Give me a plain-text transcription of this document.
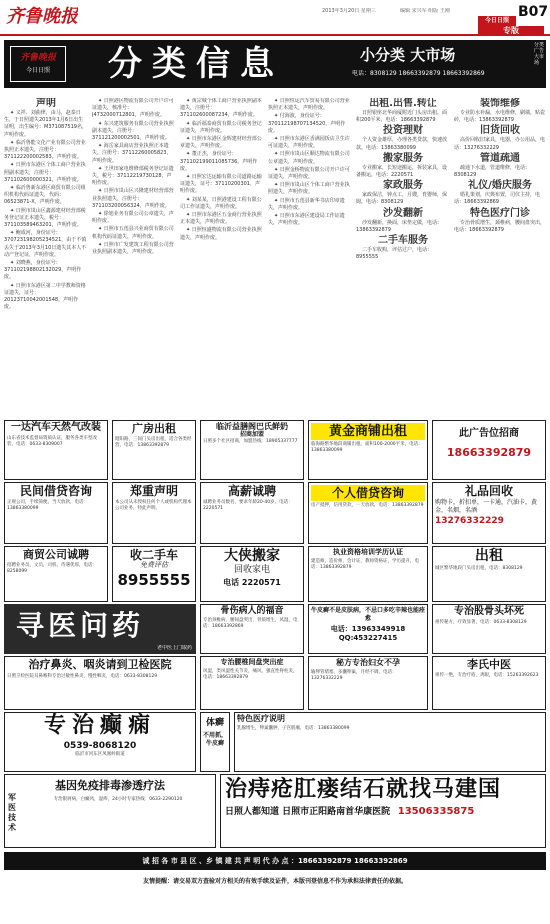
齐鲁晚报	2013年3月20日 星期三	编辑 宋兴军 组版 王刚
今日日照
B07
专版
齐鲁晚报
今日日照	分类信息	小分类 大市场
电话：8308129 18663392879 18663392869
分类广告 大市场
声明

✦ 义祥、刘曲律，由马，赵泰日生，于日照遗失2013年1月6日出生证明，出生编号：M371087519名，声明作废。

✦ 临沂鲁能文化产业有限公司营业执照正本遗失，注册号：371122200002583，声明作废。

✦ 日照市东港区个体工商户营业执照副本遗失，注册号：371102600000321，声明作废。

✦ 临沂鲁新东港区商贸有限公司组织机构代码证遗失，代码：06523871-X，声明作废。

✦ 日照市岚山区鑫源建材经营部税务登记证正本遗失，税号：371103589463201，声明作废。

✦ 鲍成河，身份证号：370723198205234521，由于不慎丢失于2013年3月10日遗失其本人不动产登记证，声明作废。

✦ 刘晓燕，身份证号：371102198802132029，声明作废。

✦ 日照市东港区第二中学教师资格证遗失，证号：20123710042001548，声明作废。

✦ 日照港区物流有限公司开户许可证遗失，核准号：J4732000712801，声明作废。

✦ 东兴建筑服务有限公司营业执照副本遗失，注册号：371121200002501，声明作废。

✦ 海岳家具商店营业执照正本遗失，注册号：37112260005823，声明作废。

✦ 王世田家电维修部税务登记证遗失，税号：37112219730128，声明作废。

✦ 日照市岚山区兴隆建材经营部营业执照遗失，注册号：371103200056324，声明作废。

✦ 徐旭业务有限公司公章遗失，声明作废。

✦ 日照市五莲县兴业商贸有限公司机构代码证遗失，声明作废。

✦ 日照市广发建筑工程有限公司营业执照副本遗失，声明作废。

✦ 黄宗城个体工商户营业执照副本遗失，注册号：371102600087234，声明作废。

✦ 临沂福泰商贸有限公司税务登记证遗失，声明作废。

✦ 日照市东港区金辉建材经营部公章遗失，声明作废。

✦ 董正杰，身份证号：371102199011085736，声明作废。

✦ 日照宏达运输有限公司道路运输证遗失，证号：37110200301，声明作废。

✦ 刘某某，日照港建设工程有限公司工作证遗失，声明作废。

✦ 日照市东港区五金商行营业执照正本遗失，声明作废。

✦ 日照恒盛物流有限公司营业执照遗失，声明作废。

✦ 日照恒运汽车贸易有限公司营业执照正本遗失，声明作废。

✦ 付海波，身份证号：370112198707134520，声明作废。

✦ 日照市东港区香满园饭店卫生许可证遗失，声明作废。

✦ 日照市岚山区顺达物流有限公司公章遗失，声明作废。

✦ 日照金桥物流有限公司开户许可证遗失，声明作废。

✦ 日照市岚山区个体工商户营业执照遗失，声明作废。

✦ 日照市五莲县新华书店印章遗失，声明作废。

✦ 日照市东港区建设局工作证遗失，声明作废。

出租.出售.转让

日照银座北华商厦附近门头房出租，面积200平米，电话：18663392879

投资理财

个人资金雄厚，办理各类贷款，快速放款。电话：13863380099

搬家服务

专业搬家，长短途搬运，拆装家具，设备搬运，电话：2220571

家政服务

家政保洁，钟点工，月嫂，育婴师，保姆，电话：8308129

沙发翻新

沙发翻新，换面，床垫定做，电话：13863392879

二手车服务

二手车收购，评估过户，电话：8955555

装饰维修

专业防水补漏，水电维修，刷墙，贴瓷砖，电话：13863392879

旧货回收

高价回收旧家具，电器，办公用品，电话：13276332229

管道疏通

疏通下水道，管道维修，电话：8308129

礼仪/婚庆服务

婚礼策划，庆典布置，司仪主持，电话：18663392869

特色医疗门诊

专治骨质增生，颈椎病，腰间盘突出，电话：18663392879

一达汽车天然气改装
山东省技术监督局资质认证，服务各类车型改装，电话：0633-8309007
广房出租
昭阳路，三间门头房出租，适合各类经营，电话：13863392879
临沂益膳阁巴氏鲜奶
招商加盟
日照多个社区招商，加盟热线：18905337777
黄金商铺出租
临海路繁华地段商铺出租，面积100-2000平米，电话：13863380099
此广告位招商
18663392879
民间借贷咨询
正规公司，手续简便，当天放款，电话：13863380099
郑重声明
本公司从未授权任何个人或机构代理本公司业务，特此声明。
高薪诚聘
诚聘业务员数名，要求年龄20-40岁，电话：2220571
个人借贷咨询
房产抵押，信用贷款，一天放款，电话：13863392879
礼品回收
购物卡，折扣单，一卡通，汽油卡，黄金，名烟，名酒
13276332229
商贸公司诚聘
招聘业务员，文员，司机，待遇优厚，电话：8258099
收二手车
免费评估
8955555
大侠搬家
回收家电
电话 2220571
执业资格培训学历认证
建造师，造价师，会计证，教师资格证，学历提升，电话：13863392879
出租
城区繁华地段门头房出租，电话：8308129
寻医问药
老中医上门取药
骨伤病人的福音
专治颈椎病，腰间盘突出，骨质增生，风湿，电话：18663392869
牛皮癣不是皮肤病，不忌口多吃辛辣也能痊愈
电话：13963349918
QQ:453227415
专治股骨头坏死
祖传秘方，疗效显著，电话：0633-8308129
治疗鼻炎、咽炎请到卫检医院
日照卫检医院耳鼻喉科专治过敏性鼻炎，慢性咽炎，电话：0633-8308129
专治腰椎间盘突出症
风湿，类风湿性关节炎，痛风，强直性脊柱炎，电话：18663392879
秘方专治妇女不孕
输卵管堵塞，多囊卵巢，月经不调，电话：13276332229
李氏中医
祖传一绝，专治疗疮，鸡眼，电话：15263392623
专治癫痫
0539-8068120
临沂市河东区凤凰岭街道
体癣
不用抓，牛皮癣
特色医疗说明
乳腺增生，卵巢囊肿，子宫肌瘤，电话：13863380099
军医技术
基因免疫排毒渗透疗法
专治银屑病，白癜风，湿疹，24小时专家热线：0633-2290120	治痔疮肛瘘结石就找马建国
日照人都知道 日照市正阳路南首华康医院 13506335875
诚 招 各 市 县 区 、乡 镇 建 共 声 明 代 办 点 ：18663392879 18663392869
友情提醒：请交易双方查验对方相关的有效手续及证件，本版刊登信息不作为承担法律责任的依据。
